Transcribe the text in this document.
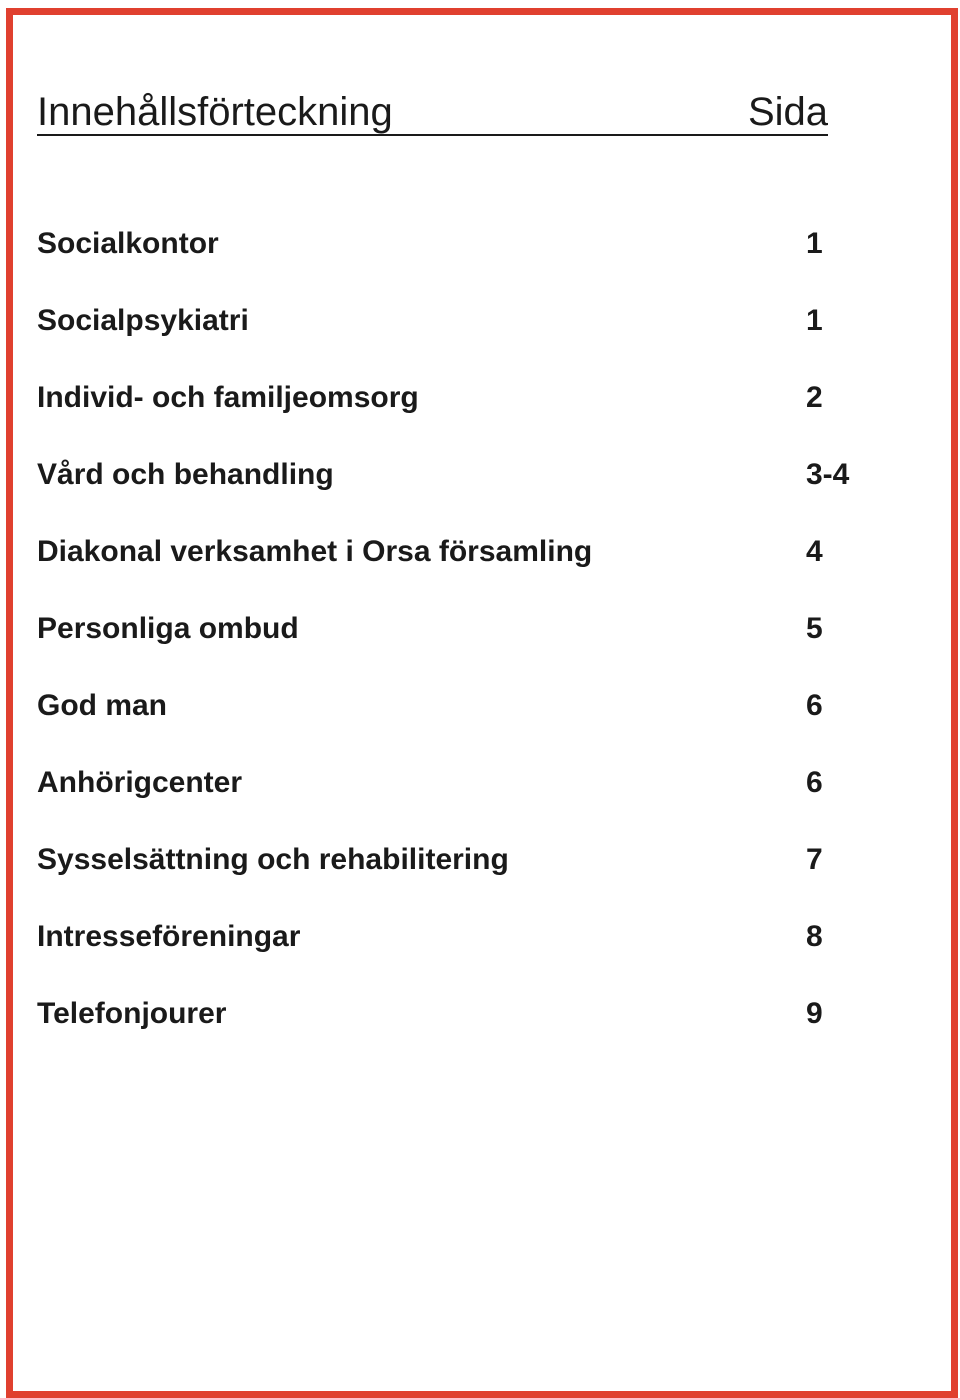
Innehållsförteckning	Sida
Socialkontor	1
Socialpsykiatri	1
Individ- och familjeomsorg	2
Vård och behandling	3-4
Diakonal verksamhet i Orsa församling	4
Personliga ombud	5
God man	6
Anhörigcenter	6
Sysselsättning och rehabilitering	7
Intresseföreningar	8
Telefonjourer	9
